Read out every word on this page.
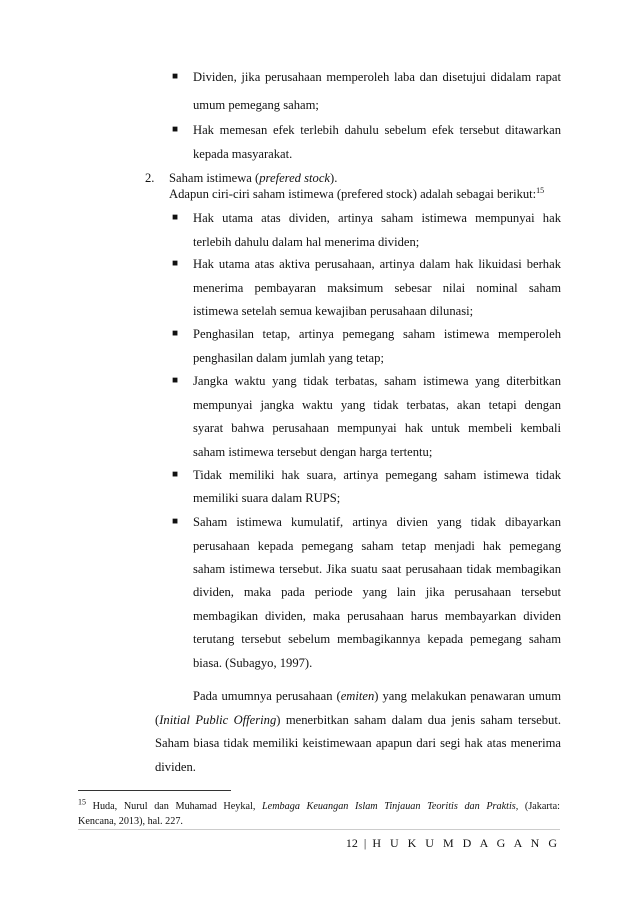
■ Dividen, jika perusahaan memperoleh laba dan disetujui didalam rapat
umum pemegang saham;
■ Hak memesan efek terlebih dahulu sebelum efek tersebut ditawarkan
kepada masyarakat.
2. Saham istimewa (prefered stock).
Adapun ciri-ciri saham istimewa (prefered stock) adalah sebagai berikut:$^{15}$
■ Hak utama atas dividen, artinya saham istimewa mempunyai hak
terlebih dahulu dalam hal menerima dividen;
■ Hak utama atas aktiva perusahaan, artinya dalam hak likuidasi berhak
menerima pembayaran maksimum sebesar nilai nominal saham
istimewa setelah semua kewajiban perusahaan dilunasi;
■ Penghasilan tetap, artinya pemegang saham istimewa memperoleh
penghasilan dalam jumlah yang tetap;
■ Jangka waktu yang tidak terbatas, saham istimewa yang diterbitkan
mempunyai jangka waktu yang tidak terbatas, akan tetapi dengan
syarat bahwa perusahaan mempunyai hak untuk membeli kembali
saham istimewa tersebut dengan harga tertentu;
■ Tidak memiliki hak suara, artinya pemegang saham istimewa tidak
memiliki suara dalam RUPS;
■ Saham istimewa kumulatif, artinya divien yang tidak dibayarkan
perusahaan kepada pemegang saham tetap menjadi hak pemegang
saham istimewa tersebut. Jika suatu saat perusahaan tidak membagikan
dividen, maka pada periode yang lain jika perusahaan tersebut
membagikan dividen, maka perusahaan harus membayarkan dividen
terutang tersebut sebelum membagikannya kepada pemegang saham
biasa. (Subagyo, 1997).
Pada umumnya perusahaan (emiten) yang melakukan penawaran umum
(Initial Public Offering) menerbitkan saham dalam dua jenis saham tersebut.
Saham biasa tidak memiliki keistimewaan apapun dari segi hak atas menerima
dividen.
$^{15}$ Huda, Nurul dan Muhamad Heykal, Lembaga Keuangan Islam Tinjauan Teoritis dan Praktis, (Jakarta:
Kencana, 2013), hal. 227.
12 | H U K U M D A G A N G
